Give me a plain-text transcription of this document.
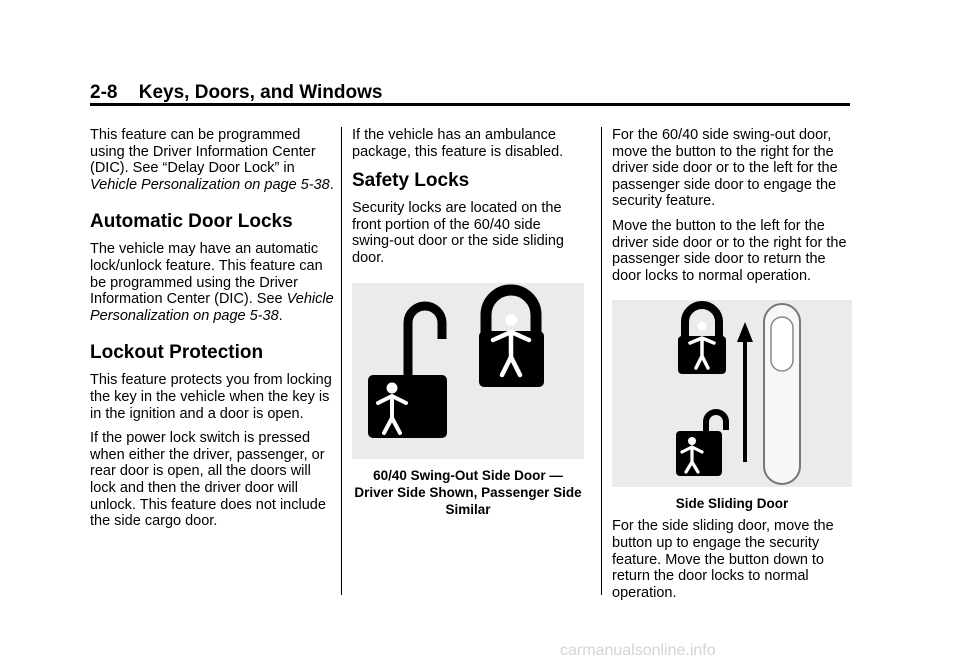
2-8 Keys, Doors, and Windows

This feature can be programmed using the Driver Information Center (DIC). See “Delay Door Lock” in Vehicle Personalization on page 5-38.

Automatic Door Locks

The vehicle may have an automatic lock/unlock feature. This feature can be programmed using the Driver Information Center (DIC). See Vehicle Personalization on page 5-38.

Lockout Protection

This feature protects you from locking the key in the vehicle when the key is in the ignition and a door is open.

If the power lock switch is pressed when either the driver, passenger, or rear door is open, all the doors will lock and then the driver door will unlock. This feature does not include the side cargo door.

If the vehicle has an ambulance package, this feature is disabled.

Safety Locks

Security locks are located on the front portion of the 60/40 side swing-out door or the side sliding door.

60/40 Swing-Out Side Door — Driver Side Shown, Passenger Side Similar

For the 60/40 side swing-out door, move the button to the right for the driver side door or to the left for the passenger side door to engage the security feature.

Move the button to the left for the driver side door or to the right for the passenger side door to return the door locks to normal operation.

Side Sliding Door

For the side sliding door, move the button up to engage the security feature. Move the button down to return the door locks to normal operation.

carmanualsonline.info
